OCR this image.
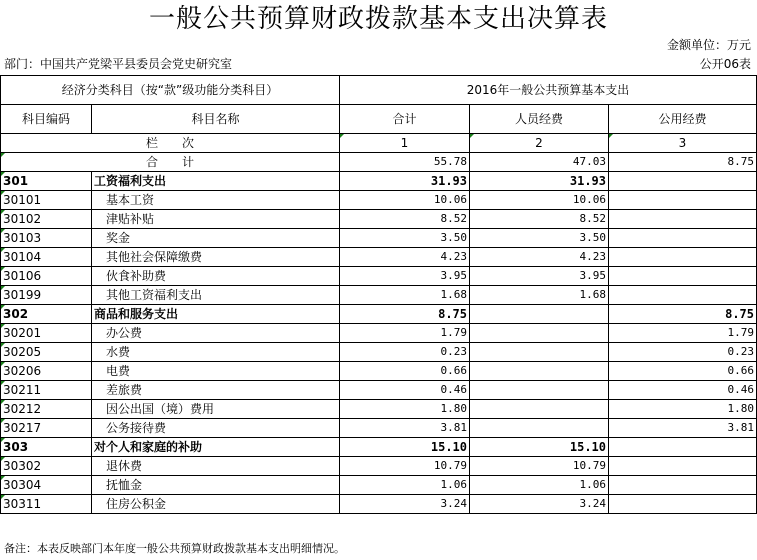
一般公共预算财政拨款基本支出决算表
金额单位：万元
部门：中国共产党梁平县委员会党史研究室	公开06表
经济分类科目（按“款”级功能分类科目）		2016年一般公共预算基本支出		
科目编码	科目名称	合计	人员经费	公用经费
栏　　次		1	2	3
合　　计		55.78	47.03	8.75
301	工资福利支出	31.93	31.93	
30101	基本工资	10.06	10.06	
30102	津贴补贴	8.52	8.52	
30103	奖金	3.50	3.50	
30104	其他社会保障缴费	4.23	4.23	
30106	伙食补助费	3.95	3.95	
30199	其他工资福利支出	1.68	1.68	
302	商品和服务支出	8.75		8.75
30201	办公费	1.79		1.79
30205	水费	0.23		0.23
30206	电费	0.66		0.66
30211	差旅费	0.46		0.46
30212	因公出国（境）费用	1.80		1.80
30217	公务接待费	3.81		3.81
303	对个人和家庭的补助	15.10	15.10	
30302	退休费	10.79	10.79	
30304	抚恤金	1.06	1.06	
30311	住房公积金	3.24	3.24	
备注：本表反映部门本年度一般公共预算财政拨款基本支出明细情况。
